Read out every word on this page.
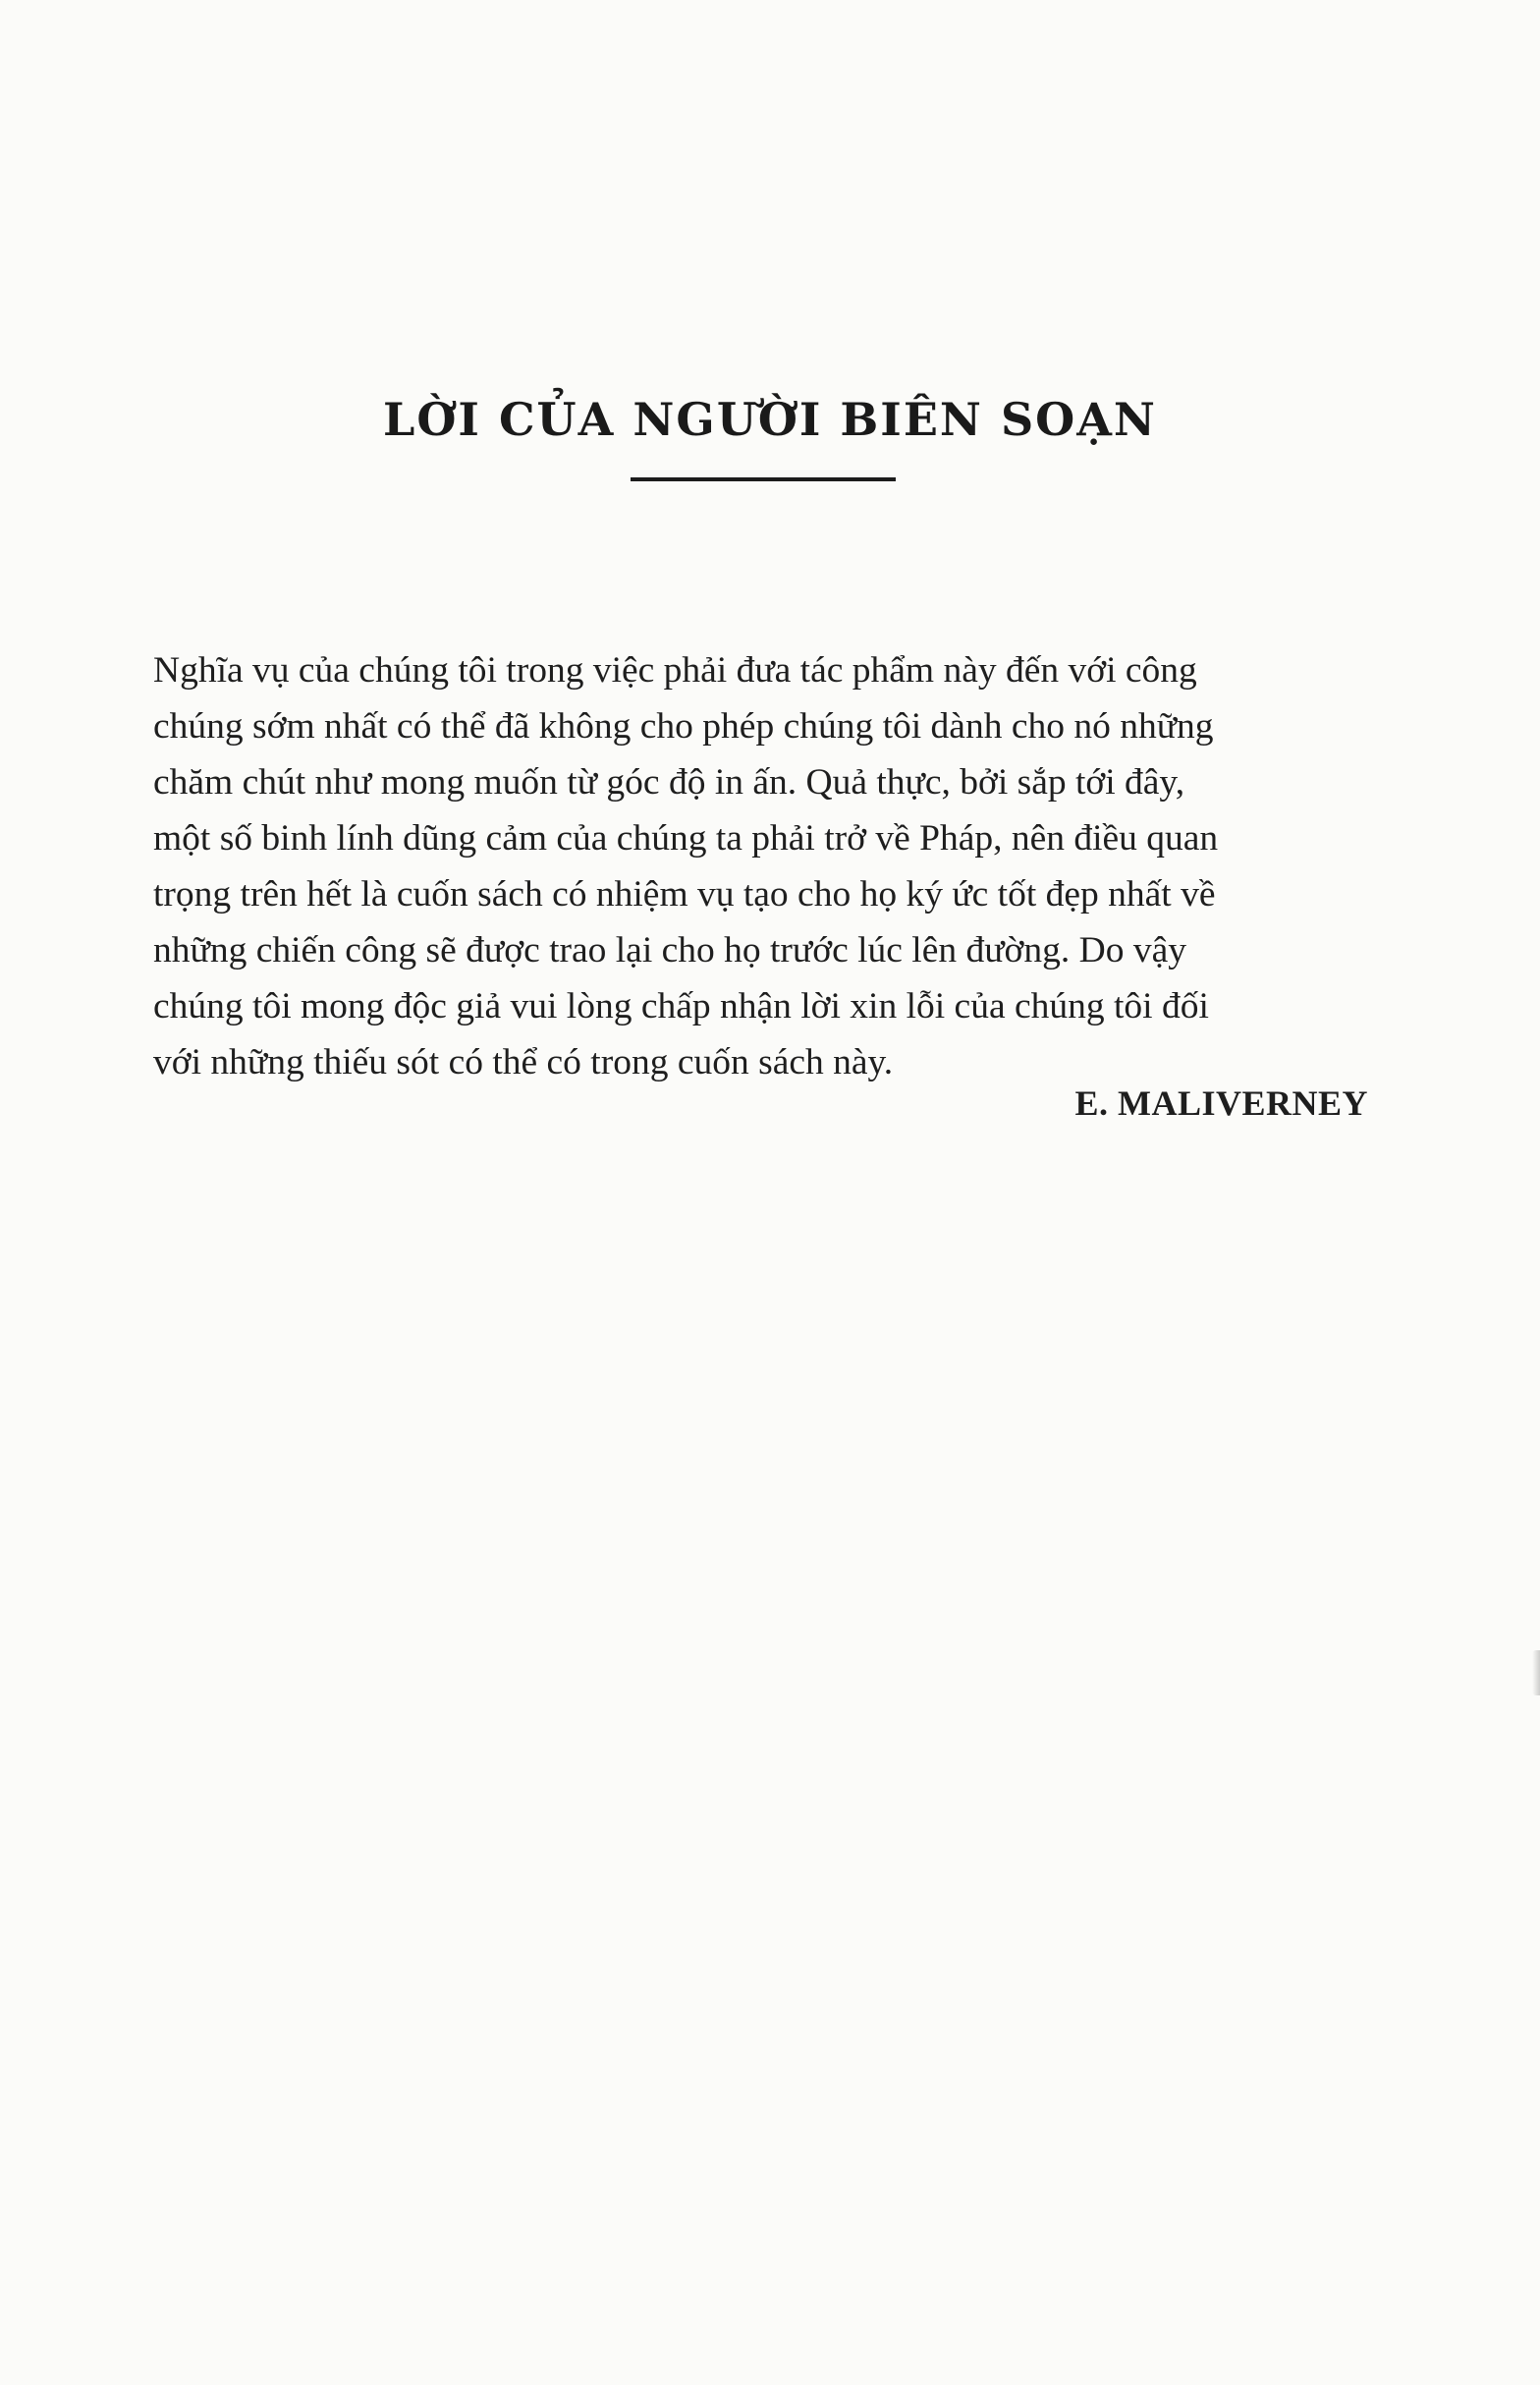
LỜI CỦA NGƯỜI BIÊN SOẠN
Nghĩa vụ của chúng tôi trong việc phải đưa tác phẩm này đến với công
chúng sớm nhất có thể đã không cho phép chúng tôi dành cho nó những
chăm chút như mong muốn từ góc độ in ấn. Quả thực, bởi sắp tới đây,
một số binh lính dũng cảm của chúng ta phải trở về Pháp, nên điều quan
trọng trên hết là cuốn sách có nhiệm vụ tạo cho họ ký ức tốt đẹp nhất về
những chiến công sẽ được trao lại cho họ trước lúc lên đường. Do vậy
chúng tôi mong độc giả vui lòng chấp nhận lời xin lỗi của chúng tôi đối
với những thiếu sót có thể có trong cuốn sách này.
E. MALIVERNEY
